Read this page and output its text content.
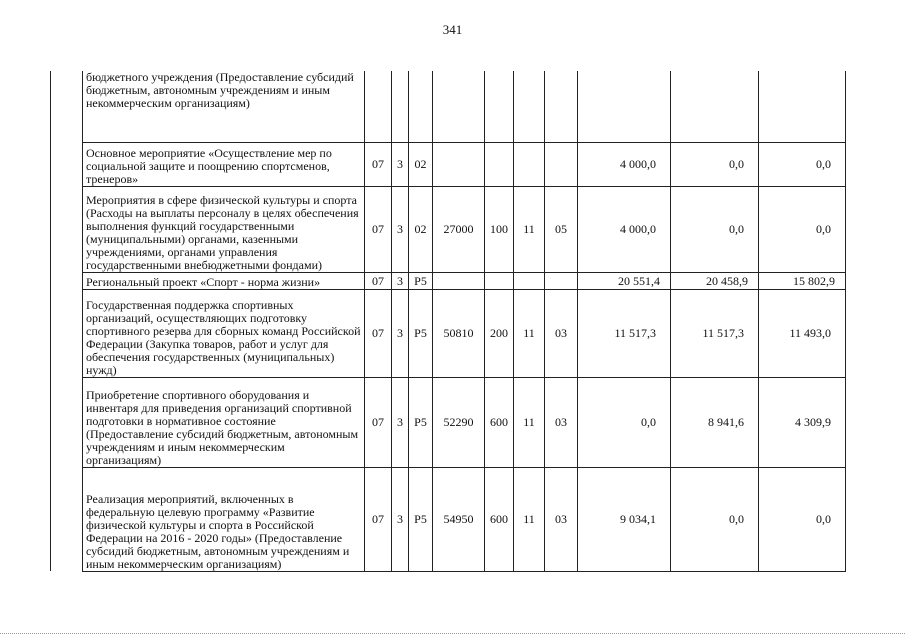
341
	бюджетного учреждения (Предоставление субсидий бюджетным, автономным учреждениям и иным некоммерческим организациям)										
	Основное мероприятие «Осуществление мер по социальной защите и поощрению спортсменов, тренеров»	07	3	02					4 000,0	0,0	0,0
	Мероприятия в сфере физической культуры и спорта (Расходы на выплаты персоналу в целях обеспечения выполнения функций государственными (муниципальными) органами, казенными учреждениями, органами управления государственными внебюджетными фондами)	07	3	02	27000	100	11	05	4 000,0	0,0	0,0
	Региональный проект «Спорт - норма жизни»	07	3	P5					20 551,4	20 458,9	15 802,9
	Государственная поддержка спортивных организаций, осуществляющих подготовку спортивного резерва для сборных команд Российской Федерации (Закупка товаров, работ и услуг для обеспечения государственных (муниципальных) нужд)	07	3	P5	50810	200	11	03	11 517,3	11 517,3	11 493,0
	Приобретение спортивного оборудования и инвентаря для приведения организаций спортивной подготовки в нормативное состояние (Предоставление субсидий бюджетным, автономным учреждениям и иным некоммерческим организациям)	07	3	P5	52290	600	11	03	0,0	8 941,6	4 309,9
	Реализация мероприятий, включенных в федеральную целевую программу «Развитие физической культуры и спорта в Российской Федерации на 2016 - 2020 годы» (Предоставление субсидий бюджетным, автономным учреждениям и иным некоммерческим организациям)	07	3	P5	54950	600	11	03	9 034,1	0,0	0,0
